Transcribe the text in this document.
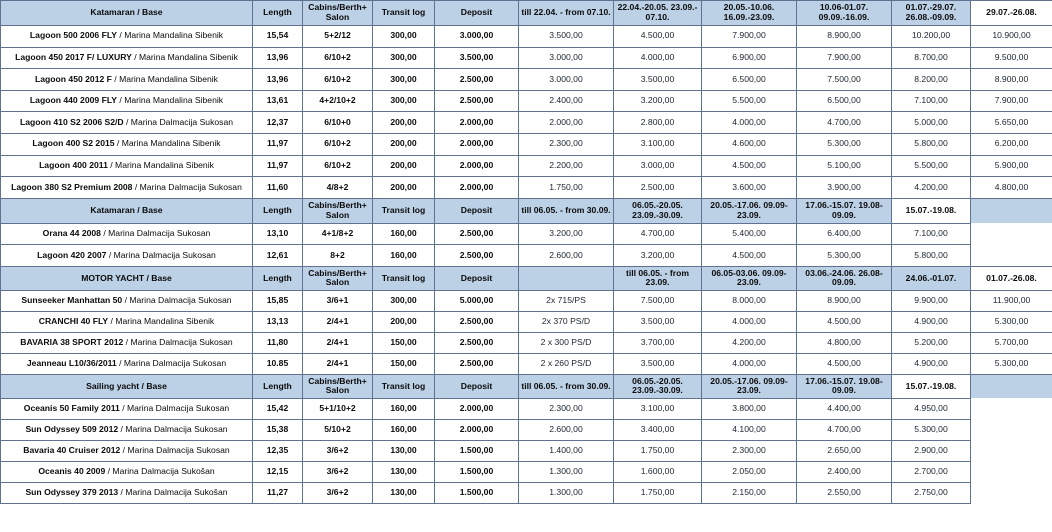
Katamaran / Base	Length	Cabins/Berth+ Salon	Transit log	Deposit	till 22.04. - from 07.10.	22.04.-20.05. 23.09.- 07.10.	20.05.-10.06. 16.09.-23.09.	10.06-01.07. 09.09.-16.09.	01.07.-29.07. 26.08.-09.09.	29.07.-26.08.
Lagoon 500 2006 FLY / Marina Mandalina Sibenik	15,54	5+2/12	300,00	3.000,00	3.500,00	4.500,00	7.900,00	8.900,00	10.200,00	10.900,00
Lagoon 450 2017 F/ LUXURY / Marina Mandalina Sibenik	13,96	6/10+2	300,00	3.500,00	3.000,00	4.000,00	6.900,00	7.900,00	8.700,00	9.500,00
Lagoon 450 2012 F / Marina Mandalina Sibenik	13,96	6/10+2	300,00	2.500,00	3.000,00	3.500,00	6.500,00	7.500,00	8.200,00	8.900,00
Lagoon 440 2009 FLY / Marina Mandalina Sibenik	13,61	4+2/10+2	300,00	2.500,00	2.400,00	3.200,00	5.500,00	6.500,00	7.100,00	7.900,00
Lagoon 410 S2 2006 S2/D / Marina Dalmacija Sukosan	12,37	6/10+0	200,00	2.000,00	2.000,00	2.800,00	4.000,00	4.700,00	5.000,00	5.650,00
Lagoon 400 S2 2015 / Marina Mandalina Sibenik	11,97	6/10+2	200,00	2.000,00	2.300,00	3.100,00	4.600,00	5.300,00	5.800,00	6.200,00
Lagoon 400 2011 / Marina Mandalina Sibenik	11,97	6/10+2	200,00	2.000,00	2.200,00	3.000,00	4.500,00	5.100,00	5.500,00	5.900,00
Lagoon 380 S2 Premium 2008 / Marina Dalmacija Sukosan	11,60	4/8+2	200,00	2.000,00	1.750,00	2.500,00	3.600,00	3.900,00	4.200,00	4.800,00
Katamaran / Base	Length	Cabins/Berth+ Salon	Transit log	Deposit	till 06.05. - from 30.09.	06.05.-20.05. 23.09.-30.09.	20.05.-17.06. 09.09-23.09.	17.06.-15.07. 19.08-09.09.	15.07.-19.08.	
Orana 44 2008 / Marina Dalmacija Sukosan	13,10	4+1/8+2	160,00	2.500,00	3.200,00	4.700,00	5.400,00	6.400,00	7.100,00	
Lagoon 420 2007 / Marina Dalmacija Sukosan	12,61	8+2	160,00	2.500,00	2.600,00	3.200,00	4.500,00	5.300,00	5.800,00	
MOTOR YACHT / Base	Length	Cabins/Berth+ Salon	Transit log	Deposit		till 06.05. - from 23.09.	06.05-03.06. 09.09-23.09.	03.06.-24.06. 26.08-09.09.	24.06.-01.07.	01.07.-26.08.
Sunseeker Manhattan 50 / Marina Dalmacija Sukosan	15,85	3/6+1	300,00	5.000,00	2x 715/PS	7.500,00	8.000,00	8.900,00	9.900,00	11.900,00
CRANCHI 40 FLY / Marina Mandalina Sibenik	13,13	2/4+1	200,00	2.500,00	2x 370 PS/D	3.500,00	4.000,00	4.500,00	4.900,00	5.300,00
BAVARIA 38 SPORT 2012 / Marina Dalmacija Sukosan	11,80	2/4+1	150,00	2.500,00	2 x 300 PS/D	3.700,00	4.200,00	4.800,00	5.200,00	5.700,00
Jeanneau L10/36/2011 / Marina Dalmacija Sukosan	10.85	2/4+1	150,00	2.500,00	2 x 260 PS/D	3.500,00	4.000,00	4.500,00	4.900,00	5.300,00
Sailing yacht / Base	Length	Cabins/Berth+ Salon	Transit log	Deposit	till 06.05. - from 30.09.	06.05.-20.05. 23.09.-30.09.	20.05.-17.06. 09.09-23.09.	17.06.-15.07. 19.08-09.09.	15.07.-19.08.	
Oceanis 50 Family 2011 / Marina Dalmacija Sukosan	15,42	5+1/10+2	160,00	2.000,00	2.300,00	3.100,00	3.800,00	4.400,00	4.950,00	
Sun Odyssey 509 2012 / Marina Dalmacija Sukosan	15,38	5/10+2	160,00	2.000,00	2.600,00	3.400,00	4.100,00	4.700,00	5.300,00	
Bavaria 40 Cruiser 2012 / Marina Dalmacija Sukosan	12,35	3/6+2	130,00	1.500,00	1.400,00	1.750,00	2.300,00	2.650,00	2.900,00	
Oceanis 40 2009 / Marina Dalmacija Sukošan	12,15	3/6+2	130,00	1.500,00	1.300,00	1.600,00	2.050,00	2.400,00	2.700,00	
Sun Odyssey 379 2013 / Marina Dalmacija Sukošan	11,27	3/6+2	130,00	1.500,00	1.300,00	1.750,00	2.150,00	2.550,00	2.750,00	
